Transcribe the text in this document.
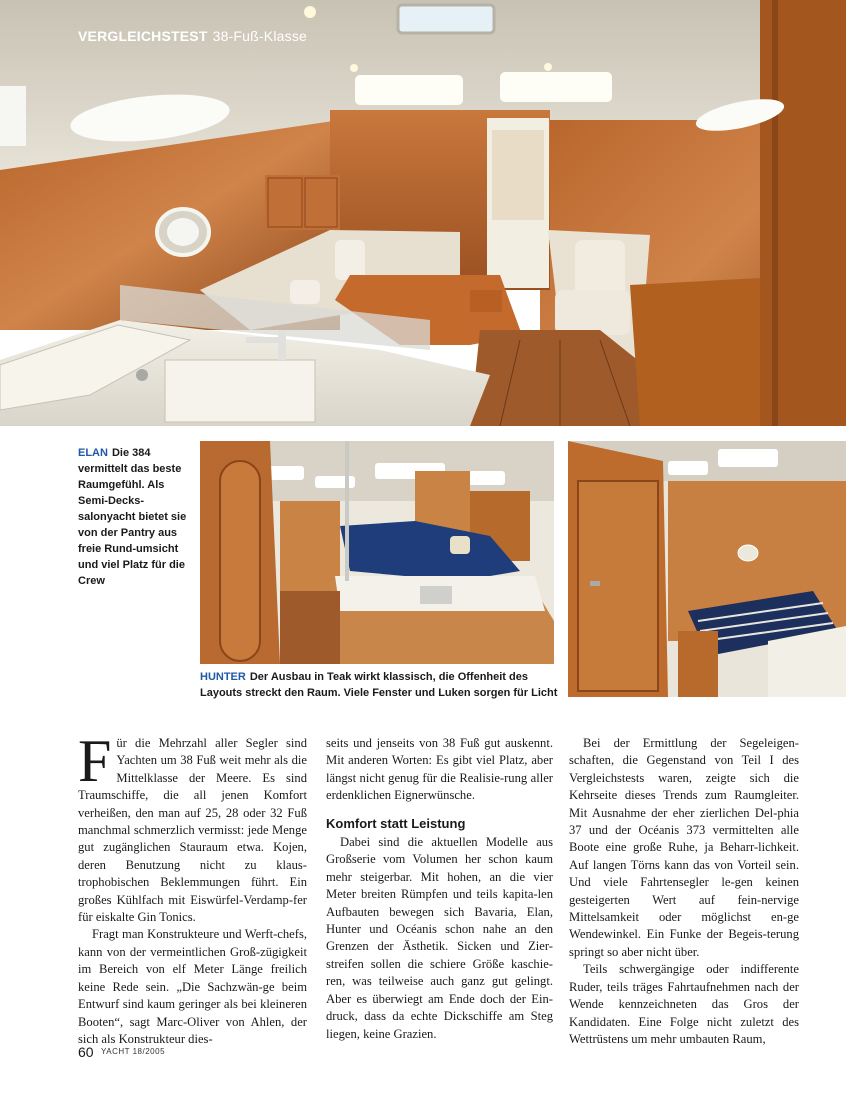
VERGLEICHSTEST 38-Fuß-Klasse
ELAN Die 384 vermittelt das beste Raumgefühl. Als Semi-Decks-salonyacht bietet sie von der Pantry aus freie Rund-umsicht und viel Platz für die Crew
HUNTER Der Ausbau in Teak wirkt klassisch, die Offenheit des Layouts streckt den Raum. Viele Fenster und Luken sorgen für Licht

Für die Mehrzahl aller Segler sind Yachten um 38 Fuß weit mehr als die Mittelklasse der Meere. Es sind Traumschiffe, die all jenen Komfort verheißen, den man auf 25, 28 oder 32 Fuß manchmal schmerzlich vermisst: jede Menge gut zugänglichen Stauraum etwa. Kojen, deren Benutzung nicht zu klaus-trophobischen Beklemmungen führt. Ein großes Kühlfach mit Eiswürfel-Verdamp-fer für eiskalte Gin Tonics.

Fragt man Konstrukteure und Werft-chefs, kann von der vermeintlichen Groß-zügigkeit im Bereich von elf Meter Länge freilich keine Rede sein. „Die Sachzwän-ge beim Entwurf sind kaum geringer als bei kleineren Booten“, sagt Marc-Oliver von Ahlen, der sich als Konstrukteur dies-

seits und jenseits von 38 Fuß gut auskennt. Mit anderen Worten: Es gibt viel Platz, aber längst nicht genug für die Realisie-rung aller erdenklichen Eignerwünsche.

Komfort statt Leistung

Dabei sind die aktuellen Modelle aus Großserie vom Volumen her schon kaum mehr steigerbar. Mit hohen, an die vier Meter breiten Rümpfen und teils kapita-len Aufbauten bewegen sich Bavaria, Elan, Hunter und Océanis schon nahe an den Grenzen der Ästhetik. Sicken und Zier-streifen sollen die schiere Größe kaschie-ren, was teilweise auch ganz gut gelingt. Aber es überwiegt am Ende doch der Ein-druck, dass da echte Dickschiffe am Steg liegen, keine Grazien.

Bei der Ermittlung der Segeleigen-schaften, die Gegenstand von Teil I des Vergleichstests waren, zeigte sich die Kehrseite dieses Trends zum Raumgleiter. Mit Ausnahme der eher zierlichen Del-phia 37 und der Océanis 373 vermittelten alle Boote eine große Ruhe, ja Beharr-lichkeit. Auf langen Törns kann das von Vorteil sein. Und viele Fahrtensegler le-gen keinen gesteigerten Wert auf fein-nervige Mittelsamkeit oder möglichst en-ge Wendewinkel. Ein Funke der Begeis-terung springt so aber nicht über.

Teils schwergängige oder indifferente Ruder, teils träges Fahrtaufnehmen nach der Wende kennzeichneten das Gros der Kandidaten. Eine Folge nicht zuletzt des Wettrüstens um mehr umbauten Raum,

60 YACHT 18/2005
